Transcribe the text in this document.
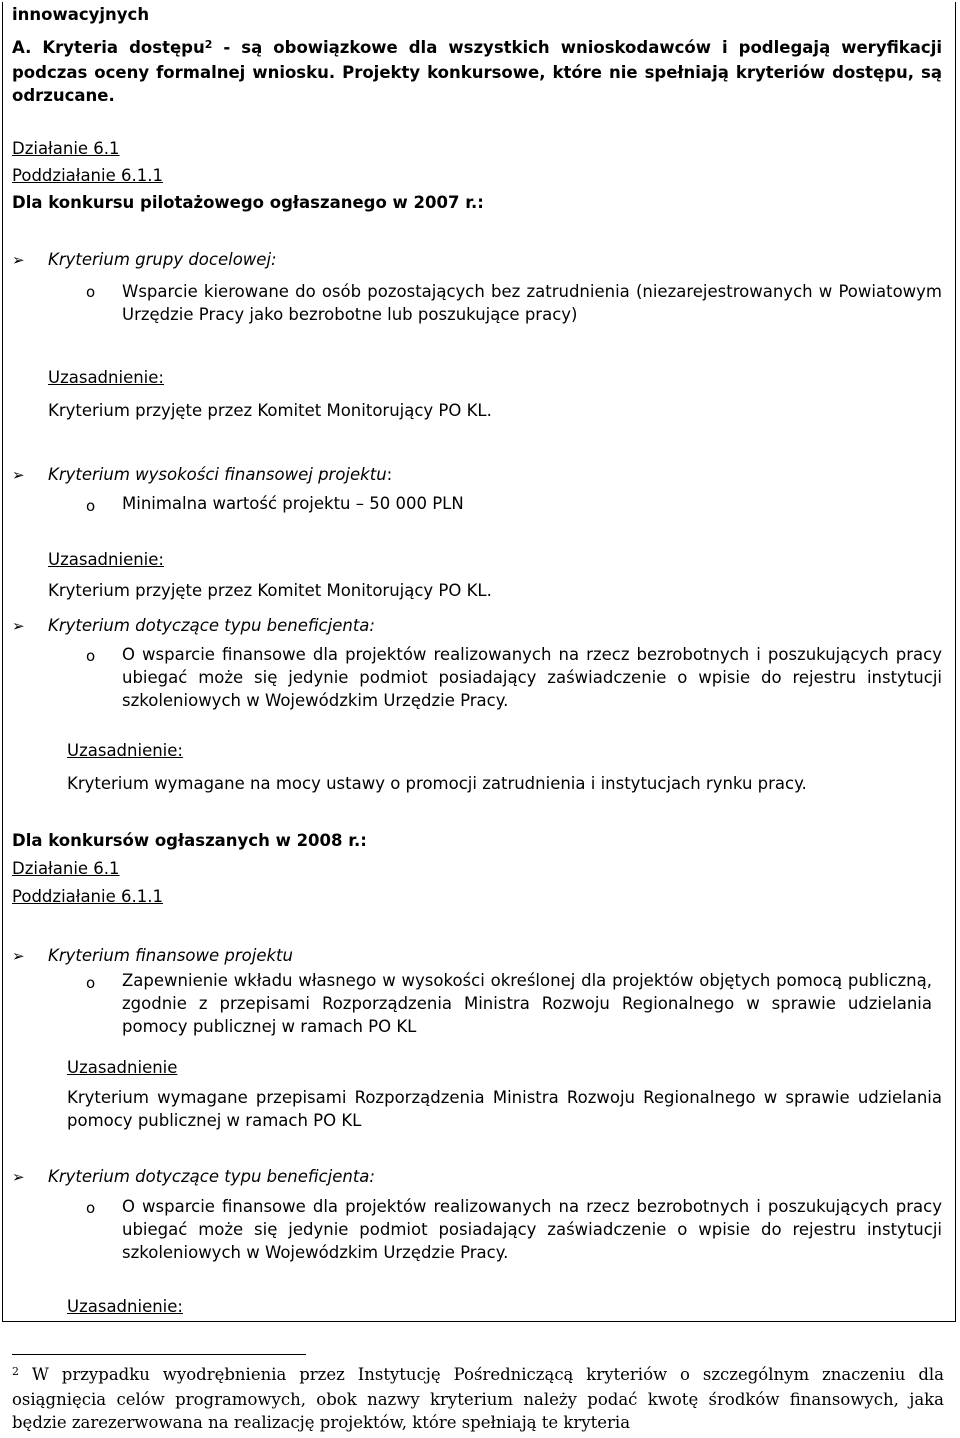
innowacyjnych
A. Kryteria dostępu$^2$ - są obowiązkowe dla wszystkich wnioskodawców i podlegają weryfikacji podczas oceny formalnej wniosku. Projekty konkursowe, które nie spełniają kryteriów dostępu, są odrzucane.
Działanie 6.1
Poddziałanie 6.1.1
Dla konkursu pilotażowego ogłaszanego w 2007 r.:
➢ Kryterium grupy docelowej:
o Wsparcie kierowane do osób pozostających bez zatrudnienia (niezarejestrowanych w Powiatowym Urzędzie Pracy jako bezrobotne lub poszukujące pracy)
Uzasadnienie:
Kryterium przyjęte przez Komitet Monitorujący PO KL.
➢ Kryterium wysokości finansowej projektu:
o Minimalna wartość projektu – 50 000 PLN
Uzasadnienie:
Kryterium przyjęte przez Komitet Monitorujący PO KL.
➢ Kryterium dotyczące typu beneficjenta:
o O wsparcie finansowe dla projektów realizowanych na rzecz bezrobotnych i poszukujących pracy ubiegać może się jedynie podmiot posiadający zaświadczenie o wpisie do rejestru instytucji szkoleniowych w Wojewódzkim Urzędzie Pracy.
Uzasadnienie:
Kryterium wymagane na mocy ustawy o promocji zatrudnienia i instytucjach rynku pracy.
Dla konkursów ogłaszanych w 2008 r.:
Działanie 6.1
Poddziałanie 6.1.1
➢ Kryterium finansowe projektu
o Zapewnienie wkładu własnego w wysokości określonej dla projektów objętych pomocą publiczną, zgodnie z przepisami Rozporządzenia Ministra Rozwoju Regionalnego w sprawie udzielania pomocy publicznej w ramach PO KL
Uzasadnienie
Kryterium wymagane przepisami Rozporządzenia Ministra Rozwoju Regionalnego w sprawie udzielania pomocy publicznej w ramach PO KL
➢ Kryterium dotyczące typu beneficjenta:
o O wsparcie finansowe dla projektów realizowanych na rzecz bezrobotnych i poszukujących pracy ubiegać może się jedynie podmiot posiadający zaświadczenie o wpisie do rejestru instytucji szkoleniowych w Wojewódzkim Urzędzie Pracy.
Uzasadnienie:
$^2$ W przypadku wyodrębnienia przez Instytucję Pośredniczącą kryteriów o szczególnym znaczeniu dla osiągnięcia celów programowych, obok nazwy kryterium należy podać kwotę środków finansowych, jaka będzie zarezerwowana na realizację projektów, które spełniają te kryteria
